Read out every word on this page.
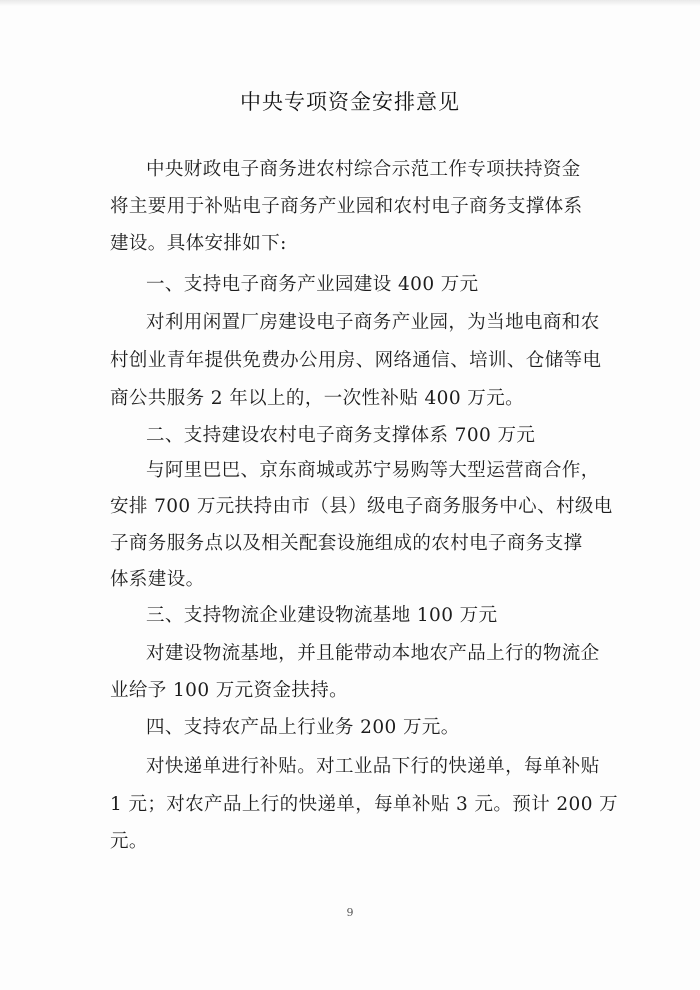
中央专项资金安排意见
中央财政电子商务进农村综合示范工作专项扶持资金
将主要用于补贴电子商务产业园和农村电子商务支撑体系
建设。具体安排如下:
一、支持电子商务产业园建设 400 万元
对利用闲置厂房建设电子商务产业园，为当地电商和农
村创业青年提供免费办公用房、网络通信、培训、仓储等电
商公共服务 2 年以上的，一次性补贴 400 万元。
二、支持建设农村电子商务支撑体系 700 万元
与阿里巴巴、京东商城或苏宁易购等大型运营商合作，
安排 700 万元扶持由市（县）级电子商务服务中心、村级电
子商务服务点以及相关配套设施组成的农村电子商务支撑
体系建设。
三、支持物流企业建设物流基地 100 万元
对建设物流基地，并且能带动本地农产品上行的物流企
业给予 100 万元资金扶持。
四、支持农产品上行业务 200 万元。
对快递单进行补贴。对工业品下行的快递单，每单补贴
1 元；对农产品上行的快递单，每单补贴 3 元。预计 200 万
元。
9
